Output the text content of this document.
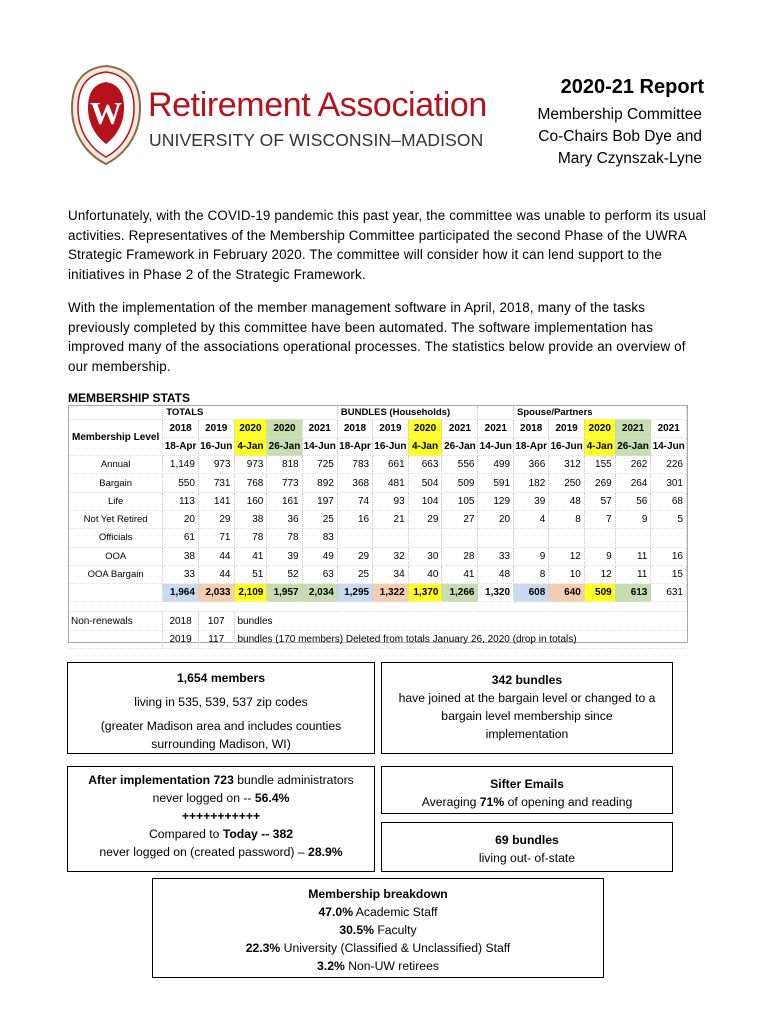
W Retirement Association
UNIVERSITY OF WISCONSIN–MADISON
2020-21 Report
Membership Committee
Co-Chairs Bob Dye and
Mary Czynszak-Lyne

Unfortunately, with the COVID-19 pandemic this past year, the committee was unable to perform its usual activities. Representatives of the Membership Committee participated the second Phase of the UWRA Strategic Framework in February 2020. The committee will consider how it can lend support to the initiatives in Phase 2 of the Strategic Framework.

With the implementation of the member management software in April, 2018, many of the tasks previously completed by this committee have been automated. The software implementation has improved many of the associations operational processes. The statistics below provide an overview of our membership.

MEMBERSHIP STATS
	TOTALS					BUNDLES (Households)					Spouse/Partners				
Membership Level	2018	2019	2020	2020	2021	2018	2019	2020	2021	2021	2018	2019	2020	2021	2021
	18-Apr	16-Jun	4-Jan	26-Jan	14-Jun	18-Apr	16-Jun	4-Jan	26-Jan	14-Jun	18-Apr	16-Jun	4-Jan	26-Jan	14-Jun
Annual	1,149	973	973	818	725	783	661	663	556	499	366	312	155	262	226
Bargain	550	731	768	773	892	368	481	504	509	591	182	250	269	264	301
Life	113	141	160	161	197	74	93	104	105	129	39	48	57	56	68
Not Yet Retired	20	29	38	36	25	16	21	29	27	20	4	8	7	9	5
Officials	61	71	78	78	83										
OOA	38	44	41	39	49	29	32	30	28	33	9	12	9	11	16
OOA Bargain	33	44	51	52	63	25	34	40	41	48	8	10	12	11	15
	1,964	2,033	2,109	1,957	2,034	1,295	1,322	1,370	1,266	1,320	608	640	509	613	631

Non-renewals	2018	107	bundles												
	2019	117	bundles (170 members) Deleted from totals January 26, 2020 (drop in totals)												
1,654 members
living in 535, 539, 537 zip codes
(greater Madison area and includes counties
surrounding Madison, WI)
342 bundles
have joined at the bargain level or changed to a
bargain level membership since
implementation
After implementation 723 bundle administrators
never logged on -- 56.4%
+++++++++++
Compared to Today -- 382
never logged on (created password) – 28.9%
Sifter Emails
Averaging 71% of opening and reading
69 bundles
living out- of-state
Membership breakdown
47.0% Academic Staff
30.5% Faculty
22.3% University (Classified & Unclassified) Staff
3.2% Non-UW retirees
